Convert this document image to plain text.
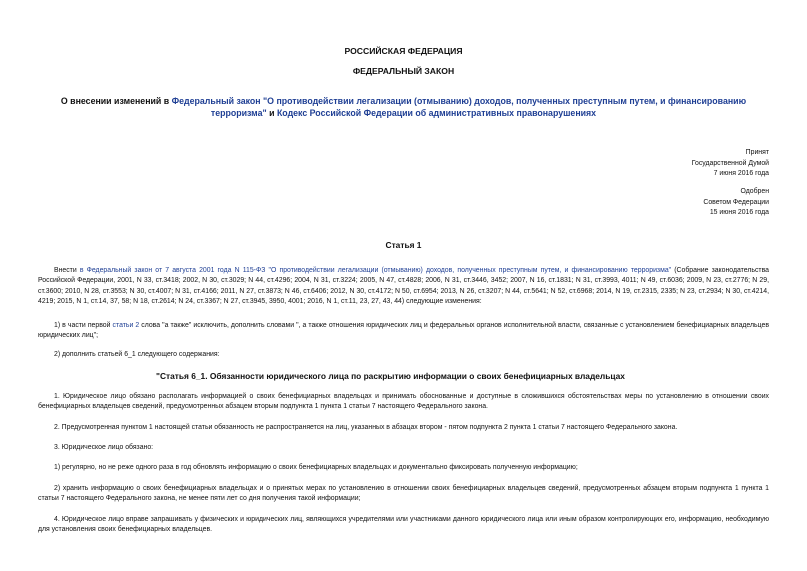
РОССИЙСКАЯ ФЕДЕРАЦИЯ
ФЕДЕРАЛЬНЫЙ ЗАКОН
О внесении изменений в Федеральный закон "О противодействии легализации (отмыванию) доходов, полученных преступным путем, и финансированию терроризма" и Кодекс Российской Федерации об административных правонарушениях
Принят
Государственной Думой
7 июня 2016 года
Одобрен
Советом Федерации
15 июня 2016 года
Статья 1
Внести в Федеральный закон от 7 августа 2001 года N 115-ФЗ "О противодействии легализации (отмыванию) доходов, полученных преступным путем, и финансированию терроризма" (Собрание законодательства Российской Федерации, 2001, N 33, ст.3418; 2002, N 30, ст.3029; N 44, ст.4296; 2004, N 31, ст.3224; 2005, N 47, ст.4828; 2006, N 31, ст.3446, 3452; 2007, N 16, ст.1831; N 31, ст.3993, 4011; N 49, ст.6036; 2009, N 23, ст.2776; N 29, ст.3600; 2010, N 28, ст.3553; N 30, ст.4007; N 31, ст.4166; 2011, N 27, ст.3873; N 46, ст.6406; 2012, N 30, ст.4172; N 50, ст.6954; 2013, N 26, ст.3207; N 44, ст.5641; N 52, ст.6968; 2014, N 19, ст.2315, 2335; N 23, ст.2934; N 30, ст.4214, 4219; 2015, N 1, ст.14, 37, 58; N 18, ст.2614; N 24, ст.3367; N 27, ст.3945, 3950, 4001; 2016, N 1, ст.11, 23, 27, 43, 44) следующие изменения:
1) в части первой статьи 2 слова "а также" исключить, дополнить словами ", а также отношения юридических лиц и федеральных органов исполнительной власти, связанные с установлением бенефициарных владельцев юридических лиц";
2) дополнить статьей 6_1 следующего содержания:
"Статья 6_1. Обязанности юридического лица по раскрытию информации о своих бенефициарных владельцах
1. Юридическое лицо обязано располагать информацией о своих бенефициарных владельцах и принимать обоснованные и доступные в сложившихся обстоятельствах меры по установлению в отношении своих бенефициарных владельцев сведений, предусмотренных абзацем вторым подпункта 1 пункта 1 статьи 7 настоящего Федерального закона.
2. Предусмотренная пунктом 1 настоящей статьи обязанность не распространяется на лиц, указанных в абзацах втором - пятом подпункта 2 пункта 1 статьи 7 настоящего Федерального закона.
3. Юридическое лицо обязано:
1) регулярно, но не реже одного раза в год обновлять информацию о своих бенефициарных владельцах и документально фиксировать полученную информацию;
2) хранить информацию о своих бенефициарных владельцах и о принятых мерах по установлению в отношении своих бенефициарных владельцев сведений, предусмотренных абзацем вторым подпункта 1 пункта 1 статьи 7 настоящего Федерального закона, не менее пяти лет со дня получения такой информации;
4. Юридическое лицо вправе запрашивать у физических и юридических лиц, являющихся учредителями или участниками данного юридического лица или иным образом контролирующих его, информацию, необходимую для установления своих бенефициарных владельцев.
